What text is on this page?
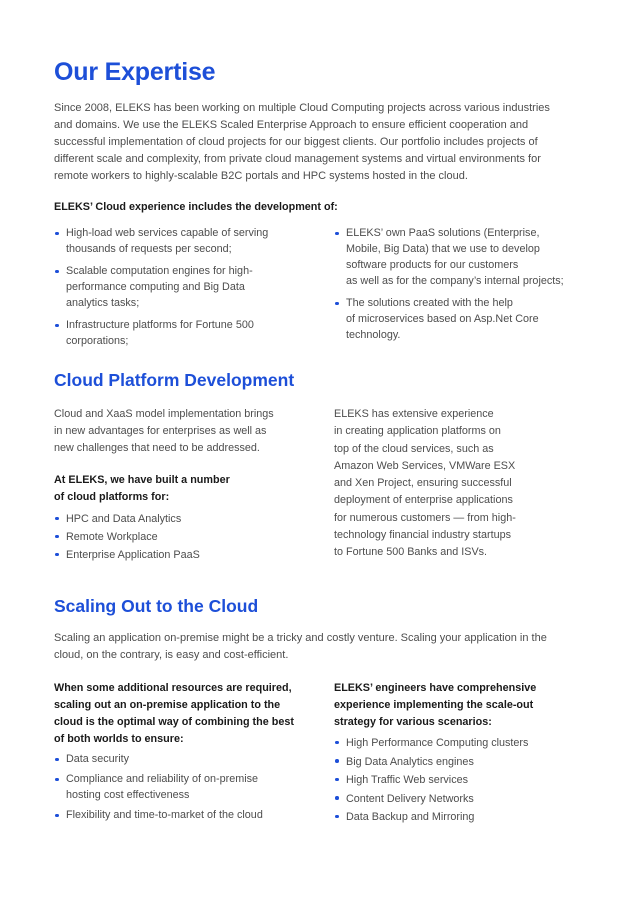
Our Expertise
Since 2008, ELEKS has been working on multiple Cloud Computing projects across various industries
and domains. We use the ELEKS Scaled Enterprise Approach to ensure efficient cooperation and
successful implementation of cloud projects for our biggest clients. Our portfolio includes projects of
different scale and complexity, from private cloud management systems and virtual environments for
remote workers to highly-scalable B2C portals and HPC systems hosted in the cloud.
ELEKS’ Cloud experience includes the development of:
High-load web services capable of serving
thousands of requests per second;
Scalable computation engines for high-
performance computing and Big Data
analytics tasks;
Infrastructure platforms for Fortune 500
corporations;
ELEKS’ own PaaS solutions (Enterprise,
Mobile, Big Data) that we use to develop
software products for our customers
as well as for the company’s internal projects;
The solutions created with the help
of microservices based on Asp.Net Core
technology.
Cloud Platform Development
Cloud and XaaS model implementation brings
in new advantages for enterprises as well as
new challenges that need to be addressed.
At ELEKS, we have built a number
of cloud platforms for:
HPC and Data Analytics
Remote Workplace
Enterprise Application PaaS
ELEKS has extensive experience
in creating application platforms on
top of the cloud services, such as
Amazon Web Services, VMWare ESX
and Xen Project, ensuring successful
deployment of enterprise applications
for numerous customers — from high-
technology financial industry startups
to Fortune 500 Banks and ISVs.
Scaling Out to the Cloud
Scaling an application on-premise might be a tricky and costly venture. Scaling your application in the
cloud, on the contrary, is easy and cost-efficient.
When some additional resources are required,
scaling out an on-premise application to the
cloud is the optimal way of combining the best
of both worlds to ensure:
Data security
Compliance and reliability of on-premise
hosting cost effectiveness
Flexibility and time-to-market of the cloud
ELEKS’ engineers have comprehensive
experience implementing the scale-out
strategy for various scenarios:
High Performance Computing clusters
Big Data Analytics engines
High Traffic Web services
Content Delivery Networks
Data Backup and Mirroring
